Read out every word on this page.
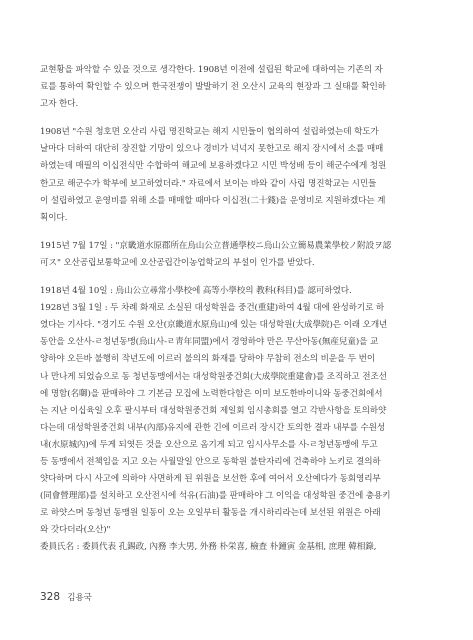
교현황을 파악할 수 있을 것으로 생각한다. 1908년 이전에 설립된 학교에 대하여는 기존의 자
료를 통하여 확인할 수 있으며 한국전쟁이 발발하기 전 오산시 교육의 현장과 그 실태를 확인하
고자 한다.
1908년 "수원 청호면 오산리 사립 명진학교는 해지 시민들이 협의하여 설립하였는데 학도가
날마다 더하여 대단히 장진할 기망이 있으나 경비가 넉넉지 못한고로 해지 장시에서 소를 매매
하였는데 매필의 이십전식만 수합하여 해교에 보용하겠다고 시민 박성배 등이 해군수에게 청원
한고로 해군수가 학부에 보고하였더라." 자료에서 보이는 바와 같이 사립 명진학교는 시민들
이 설립하였고 운영비를 위해 소를 매매할 때마다 이십전(二十錢)을 운영비로 지원하겠다는 계
획이다.
1915년 7월 17일 : "京畿道水原郡所在烏山公立普通學校ニ烏山公立簡易農業學校ノ附設ヲ認
可ス" 오산공립보통학교에 오산공립간이농업학교의 부설이 인가를 받았다.
1918년 4월 10일 : 烏山公立尋常小學校에 高等小學校의 教科(科目)를 認可하였다.
1928년 3월 1일 : 두 차례 화재로 소실된 대성학원을 중건(重建)하여 4월 대에 완성하기로 하
였다는 기사다. "경기도 수원 오산(京畿道水原烏山)에 있는 대성학원(大成學院)은 이래 오개년
동안을 오산사-ㄹ청년동맹(烏山사-ㄹ靑年同盟)에서 경영하야 만은 무산아동(無産兒童)을 교
양하야 오든바 불행히 작년도에 이르러 불의의 화재를 당하야 무참히 전소의 비운을 두 번이
나 만나게 되었슴으로 동 청년동맹에서는 대성학원중건회(大成學院重建會)를 조직하고 전조선
에 명함(名啣)을 판매하야 그 기본금 모집에 노력한다함은 이미 보도한바이니와 동중건회에서
는 지난 이십육일 오후 팔시부터 대성학원중건회 제일회 임시총회를 열고 각반사항을 토의하얏
다는데 대성학원중건회 내부(內部)유지에 관한 긴에 이르러 장시간 토의한 결과 내부를 수원성
내(水原城內)에 두게 되엿든 것을 오산으로 옴기게 되고 임시사무소를 사-ㄹ청년동맹에 두고
등 동맹에서 전책임을 지고 오는 사월말일 안으로 동학원 불탄자리에 건축하야 노키로 결의하
얏다하며 다시 사고에 의하야 사면하게 된 위원을 보선한 후에 여어서 오산예다가 동회영리부
(同會營理部)를 설치하고 오산전시에 석유(石油)를 판매하야 그 이익을 대성학원 중건에 충용키
로 하얏스며 동청년 동맹원 일동이 오는 오일부터 활동을 개시하리라는데 보선된 위원은 아래
와 갓다더라(오산)"
委員氏名 : 委員代表 孔錫政, 內務 李大男, 外務 朴栄喜, 檢査 朴鐘寅 金基相, 庶理 韓相錄,
328 김용국
